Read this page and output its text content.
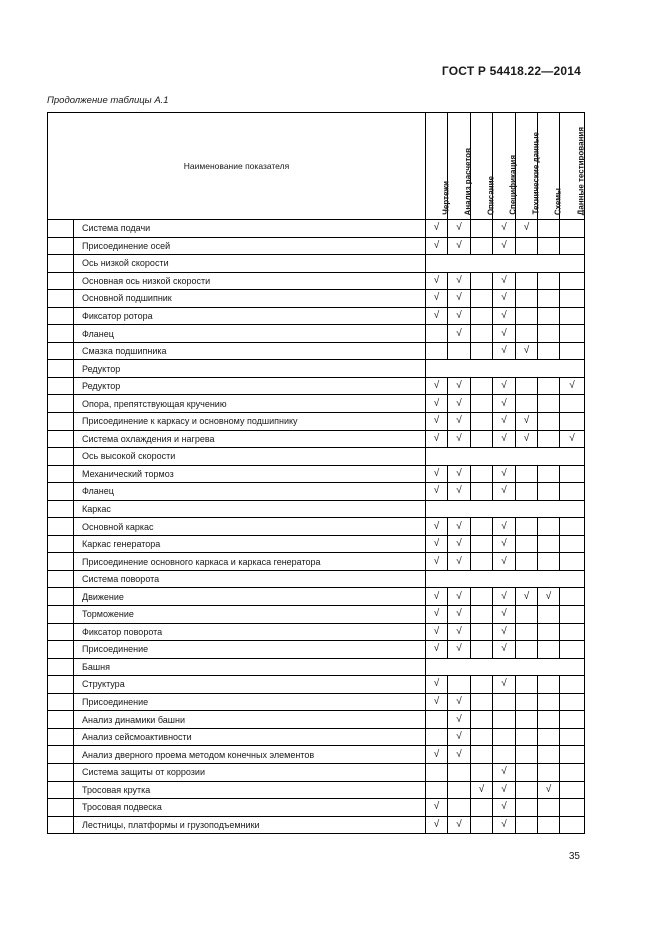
ГОСТ Р 54418.22—2014
Продолжение таблицы А.1
Наименование показателя		Чертежи	Анализ расчетов	Описание	Спецификация	Технические данные	Схемы	Данные тестирования

	Система подачи	√	√		√	√		
	Присоединение осей	√	√		√			
	Ось низкой скорости							
	Основная ось низкой скорости	√	√		√			
	Основной подшипник	√	√		√			
	Фиксатор ротора	√	√		√			
	Фланец		√		√			
	Смазка подшипника				√	√		
	Редуктор							
	Редуктор	√	√		√			√
	Опора, препятствующая кручению	√	√		√			
	Присоединение к каркасу и основному подшипнику	√	√		√	√		
	Система охлаждения и нагрева	√	√		√	√		√
	Ось высокой скорости							
	Механический тормоз	√	√		√			
	Фланец	√	√		√			
	Каркас							
	Основной каркас	√	√		√			
	Каркас генератора	√	√		√			
	Присоединение основного каркаса и каркаса генератора	√	√		√			
	Система поворота							
	Движение	√	√		√	√	√	
	Торможение	√	√		√			
	Фиксатор поворота	√	√		√			
	Присоединение	√	√		√			
	Башня							
	Структура	√			√			
	Присоединение	√	√					
	Анализ динамики башни		√					
	Анализ сейсмоактивности		√					
	Анализ дверного проема методом конечных элементов	√	√					
	Система защиты от коррозии				√			
	Тросовая крутка			√	√		√	
	Тросовая подвеска	√			√			
	Лестницы, платформы и грузоподъемники	√	√		√			
35
